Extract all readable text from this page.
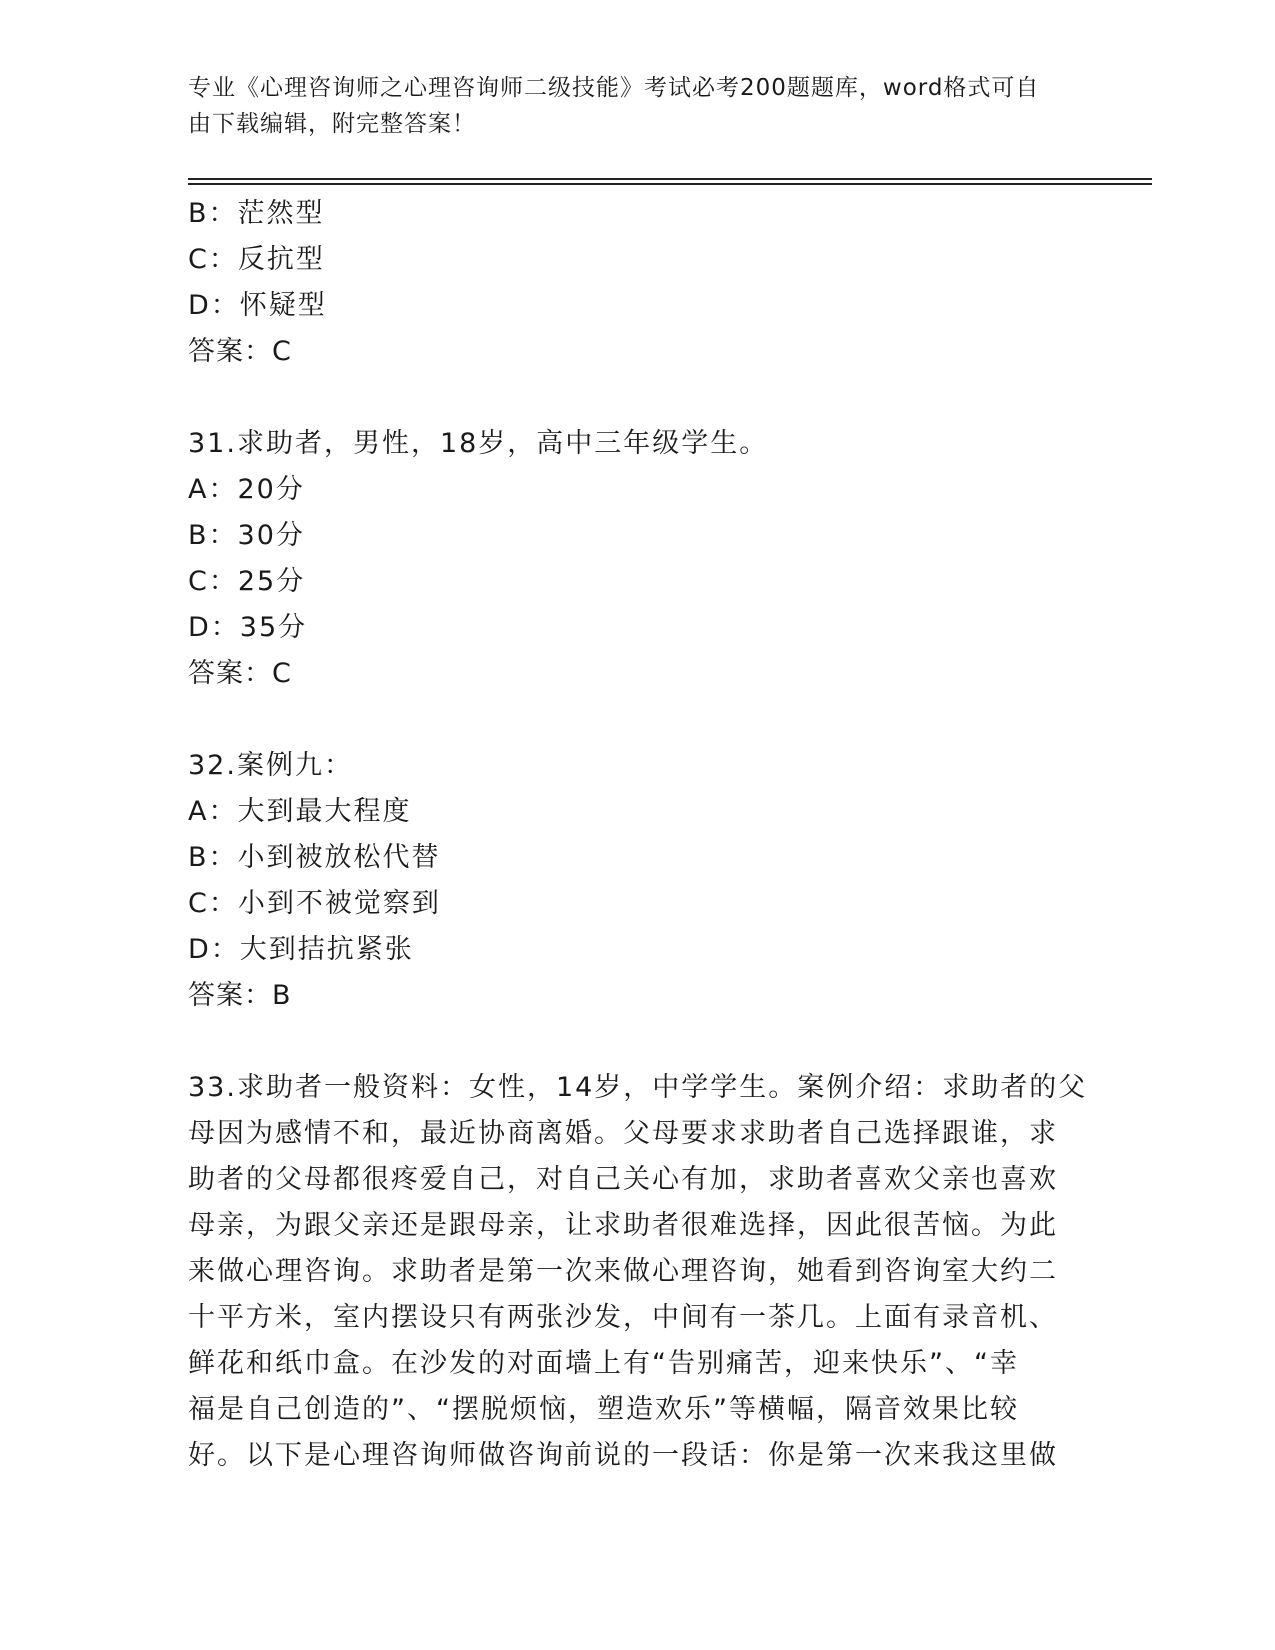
专业《心理咨询师之心理咨询师二级技能》考试必考200题题库，word格式可自
由下载编辑，附完整答案！
B：茫然型
C：反抗型
D：怀疑型
答案：C
31.求助者，男性，18岁，高中三年级学生。
A：20分
B：30分
C：25分
D：35分
答案：C
32.案例九：
A：大到最大程度
B：小到被放松代替
C：小到不被觉察到
D：大到拮抗紧张
答案：B
33.求助者一般资料：女性，14岁，中学学生。案例介绍：求助者的父
母因为感情不和，最近协商离婚。父母要求求助者自己选择跟谁，求
助者的父母都很疼爱自己，对自己关心有加，求助者喜欢父亲也喜欢
母亲，为跟父亲还是跟母亲，让求助者很难选择，因此很苦恼。为此
来做心理咨询。求助者是第一次来做心理咨询，她看到咨询室大约二
十平方米，室内摆设只有两张沙发，中间有一茶几。上面有录音机、
鲜花和纸巾盒。在沙发的对面墙上有“告别痛苦，迎来快乐”、“幸
福是自己创造的”、“摆脱烦恼，塑造欢乐”等横幅，隔音效果比较
好。以下是心理咨询师做咨询前说的一段话：你是第一次来我这里做
